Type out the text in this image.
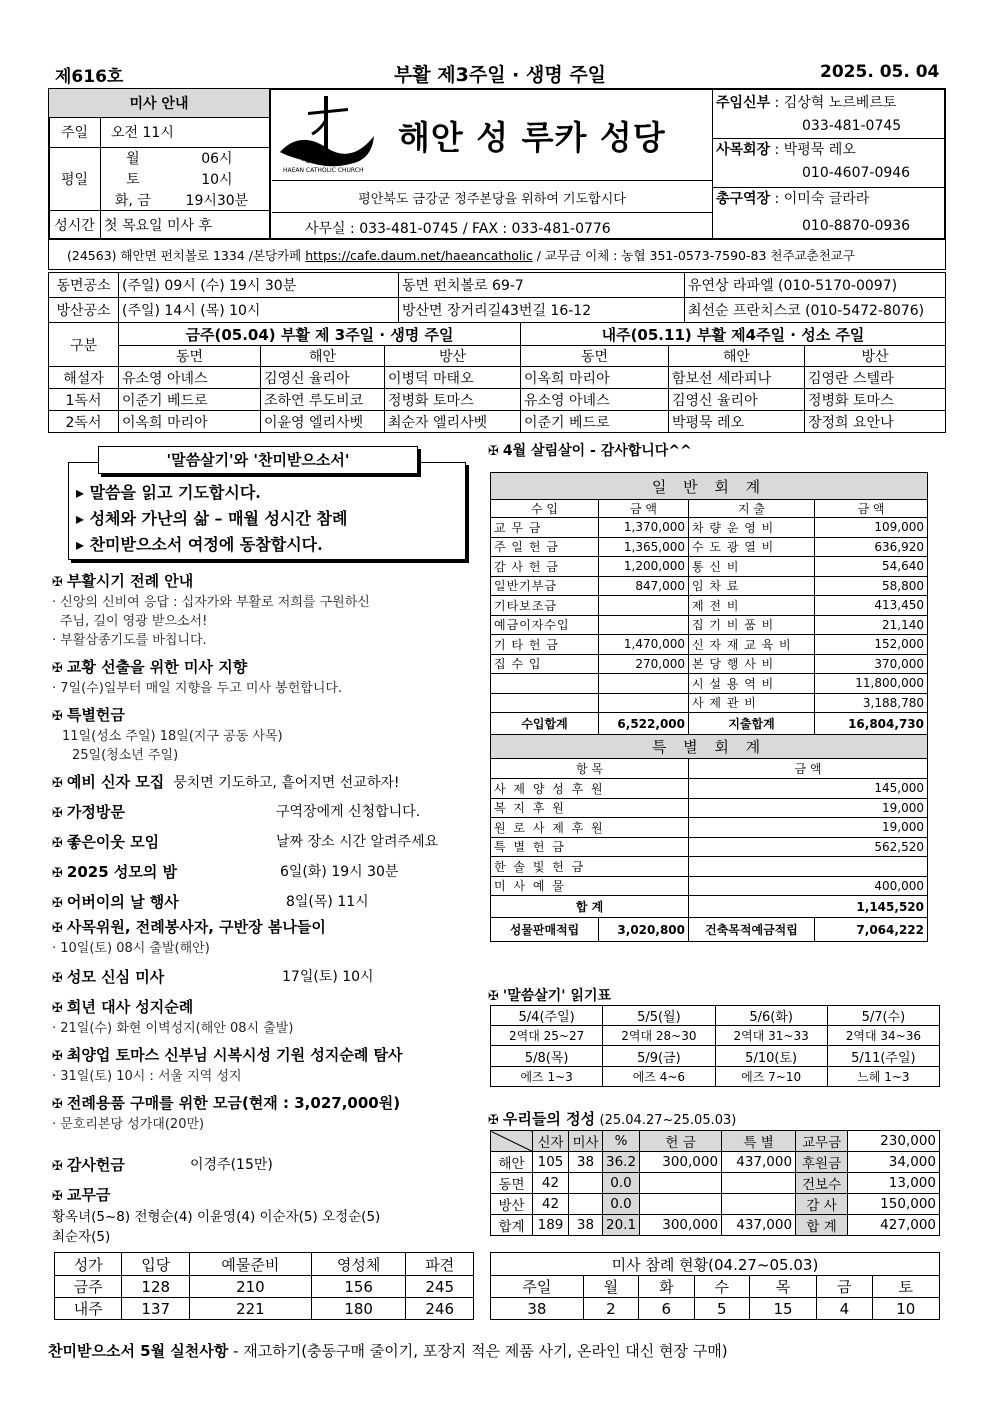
제616호	부활 제3주일 · 생명 주일	2025. 05. 04
미사 안내		
주일	오전 11시	
평일	월	06시
	토	10시
	화, 금	19시30분
성시간	첫 목요일 미사 후	
해안성당
HAEAN CATHOLIC CHURCH
해안 성 루카 성당
평안북도 금강군 정주본당을 위하여 기도합시다
사무실 : 033-481-0745 / FAX : 033-481-0776
주임신부 : 김상혁 노르베르토
033-481-0745
사목회장 : 박평묵 레오
010-4607-0946
총구역장 : 이미숙 글라라
010-8870-0936
(24563) 해안면 펀치볼로 1334 /본당카페 https://cafe.daum.net/haeancatholic / 교무금 이체 : 농협 351-0573-7590-83 천주교춘천교구
동면공소	(주일) 09시 (수) 19시 30분	동면 펀치볼로 69-7	유연상 라파엘 (010-5170-0097)
방산공소	(주일) 14시 (목) 10시	방산면 장거리길43번길 16-12	최선순 프란치스코 (010-5472-8076)
구분	금주(05.04) 부활 제 3주일 · 생명 주일			내주(05.11) 부활 제4주일 · 성소 주일		
	동면	해안	방산	동면	해안	방산
해설자	유소영 아녜스	김영신 율리아	이병덕 마태오	이옥희 마리아	함보선 세라피나	김영란 스텔라
1독서	이준기 베드로	조하연 루도비코	정병화 토마스	유소영 아녜스	김영신 율리아	정병화 토마스
2독서	이옥희 마리아	이윤영 엘리사벳	최순자 엘리사벳	이준기 베드로	박평묵 레오	장정희 요안나
'말씀살기'와 '찬미받으소서'
▸ 말씀을 읽고 기도합시다.
▸ 성체와 가난의 삶 – 매월 성시간 참례
▸ 찬미받으소서 여정에 동참합시다.
✠ 부활시기 전례 안내
· 신앙의 신비여 응답 : 십자가와 부활로 저희를 구원하신
주님, 길이 영광 받으소서!
· 부활삼종기도를 바칩니다.
✠ 교황 선출을 위한 미사 지향
· 7일(수)일부터 매일 지향을 두고 미사 봉헌합니다.
✠ 특별헌금
11일(성소 주일) 18일(지구 공동 사목)
25일(청소년 주일)
✠ 예비 신자 모집 뭉치면 기도하고, 흩어지면 선교하자!
✠ 가정방문	구역장에게 신청합니다.
✠ 좋은이웃 모임	날짜 장소 시간 알려주세요
✠ 2025 성모의 밤	6일(화) 19시 30분
✠ 어버이의 날 행사	8일(목) 11시
✠ 사목위원, 전례봉사자, 구반장 봄나들이
· 10일(토) 08시 출발(해안)
✠ 성모 신심 미사	17일(토) 10시
✠ 희년 대사 성지순례
· 21일(수) 화현 이벽성지(해안 08시 출발)
✠ 최양업 토마스 신부님 시복시성 기원 성지순례 탐사
· 31일(토) 10시 : 서울 지역 성지
✠ 전례용품 구매를 위한 모금(현재 : 3,027,000원)
· 문호리본당 성가대(20만)
✠ 감사헌금	이경주(15만)
✠ 교무금
황옥녀(5~8) 전형순(4) 이윤영(4) 이순자(5) 오정순(5)
최순자(5)
성가	입당	예물준비	영성체	파견
금주	128	210	156	245
내주	137	221	180	246
✠ 4월 살림살이 - 감사합니다^^
일 반 회 계			
수 입	금 액	지 출	금 액
교 무 금	1,370,000	차 량 운 영 비	109,000
주 일 헌 금	1,365,000	수 도 광 열 비	636,920
감 사 헌 금	1,200,000	통 신 비	54,640
일반기부금	847,000	임 차 료	58,800
기타보조금		제 전 비	413,450
예금이자수입		집 기 비 품 비	21,140
기 타 헌 금	1,470,000	신 자 재 교 육 비	152,000
집 수 입	270,000	본 당 행 사 비	370,000
		시 설 용 역 비	11,800,000
		사 제 관 비	3,188,780
수입합계	6,522,000	지출합계	16,804,730
특 별 회 계			
항 목		금 액	
사 제 양 성 후 원		145,000	
복 지 후 원		19,000	
원 로 사 제 후 원		19,000	
특 별 헌 금		562,520	
한 솔 빛 헌 금			
미 사 예 물		400,000	
합 계		1,145,520	
성물판매적립	3,020,800	건축목적예금적립	7,064,222
✠ '말씀살기' 읽기표
5/4(주일)	5/5(월)	5/6(화)	5/7(수)
2역대 25~27	2역대 28~30	2역대 31~33	2역대 34~36
5/8(목)	5/9(금)	5/10(토)	5/11(주일)
에즈 1~3	에즈 4~6	에즈 7~10	느헤 1~3
✠ 우리들의 정성 (25.04.27~25.05.03)
	신자	미사	%	헌 금	특 별	교무금	230,000
해안	105	38	36.2	300,000	437,000	후원금	34,000
동면	42		0.0			건보수	13,000
방산	42		0.0			감 사	150,000
합계	189	38	20.1	300,000	437,000	합 계	427,000
미사 참례 현황(04.27~05.03)						
주일	월	화	수	목	금	토
38	2	6	5	15	4	10
찬미받으소서 5월 실천사항 - 재고하기(충동구매 줄이기, 포장지 적은 제품 사기, 온라인 대신 현장 구매)
